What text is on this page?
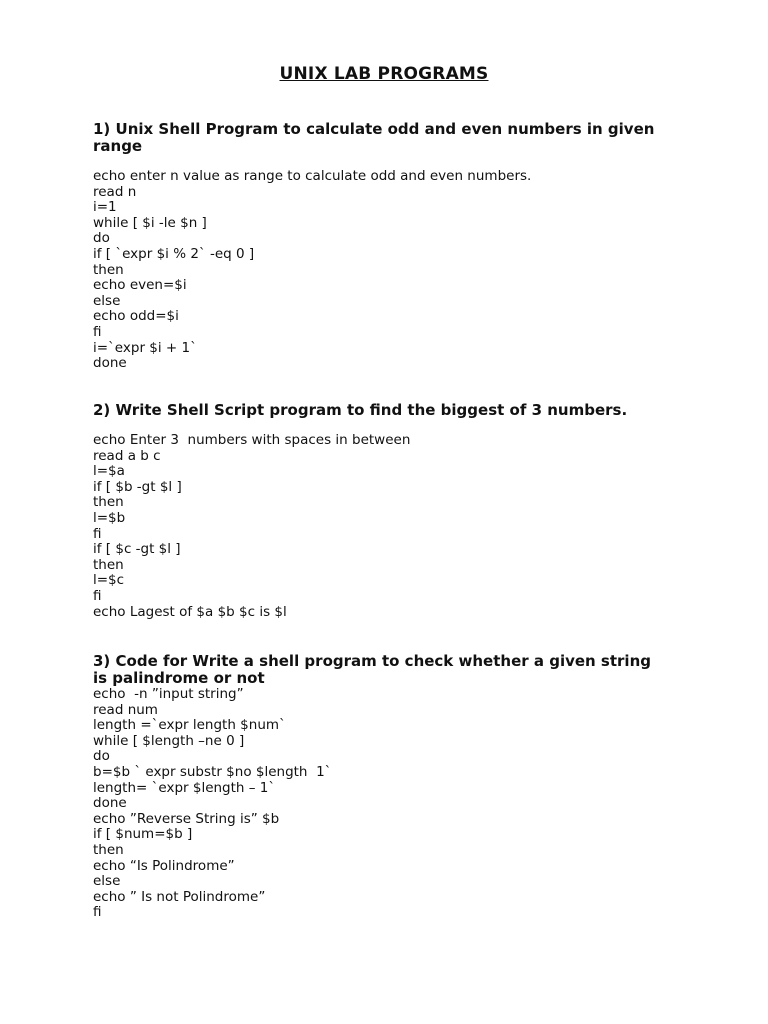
UNIX LAB PROGRAMS

1) Unix Shell Program to calculate odd and even numbers in given
range

echo enter n value as range to calculate odd and even numbers.
read n
i=1
while [ $i -le $n ]
do
if [ `expr $i % 2` -eq 0 ]
then
echo even=$i
else
echo odd=$i
fi
i=`expr $i + 1`
done

2) Write Shell Script program to find the biggest of 3 numbers.

echo Enter 3  numbers with spaces in between
read a b c
l=$a
if [ $b -gt $l ]
then
l=$b
fi
if [ $c -gt $l ]
then
l=$c
fi
echo Lagest of $a $b $c is $l

3) Code for Write a shell program to check whether a given string
is palindrome or not

echo  -n ”input string”
read num
length =`expr length $num`
while [ $length –ne 0 ]
do
b=$b ` expr substr $no $length  1`
length= `expr $length – 1`
done
echo ”Reverse String is” $b
if [ $num=$b ]
then
echo “Is Polindrome”
else
echo ” Is not Polindrome”
fi
